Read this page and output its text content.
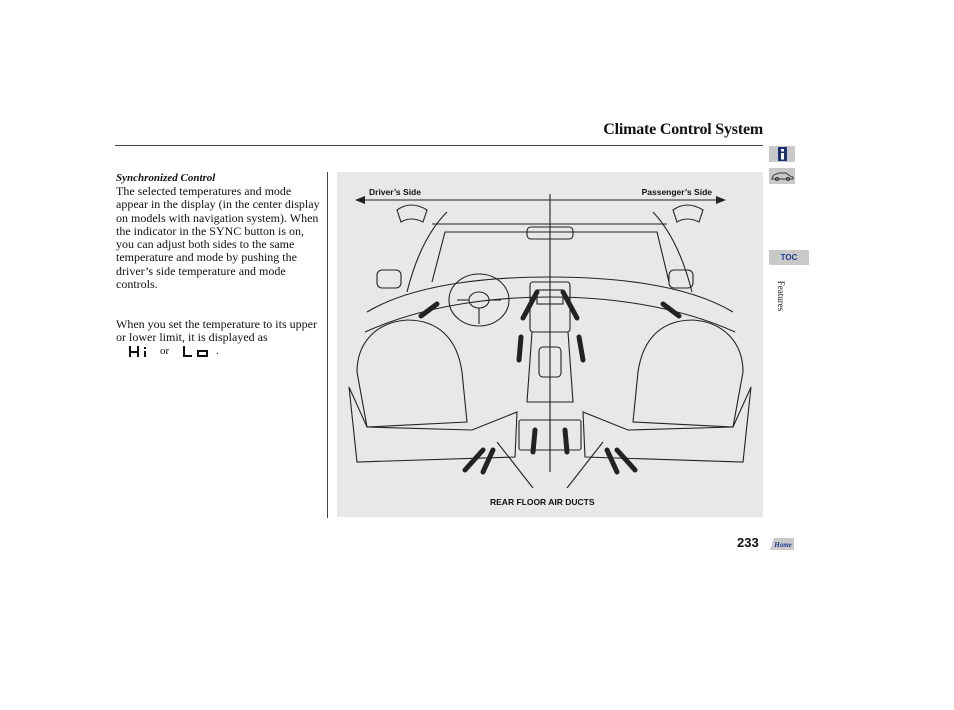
Climate Control System
Synchronized Control
The selected temperatures and mode appear in the display (in the center display on models with navigation system). When the indicator in the SYNC button is on, you can adjust both sides to the same temperature and mode by pushing the driver’s side temperature and mode controls.
When you set the temperature to its upper or lower limit, it is displayed as
or	.
Driver’s Side	Passenger’s Side
REAR FLOOR AIR DUCTS
TOC
Features
233 Home
